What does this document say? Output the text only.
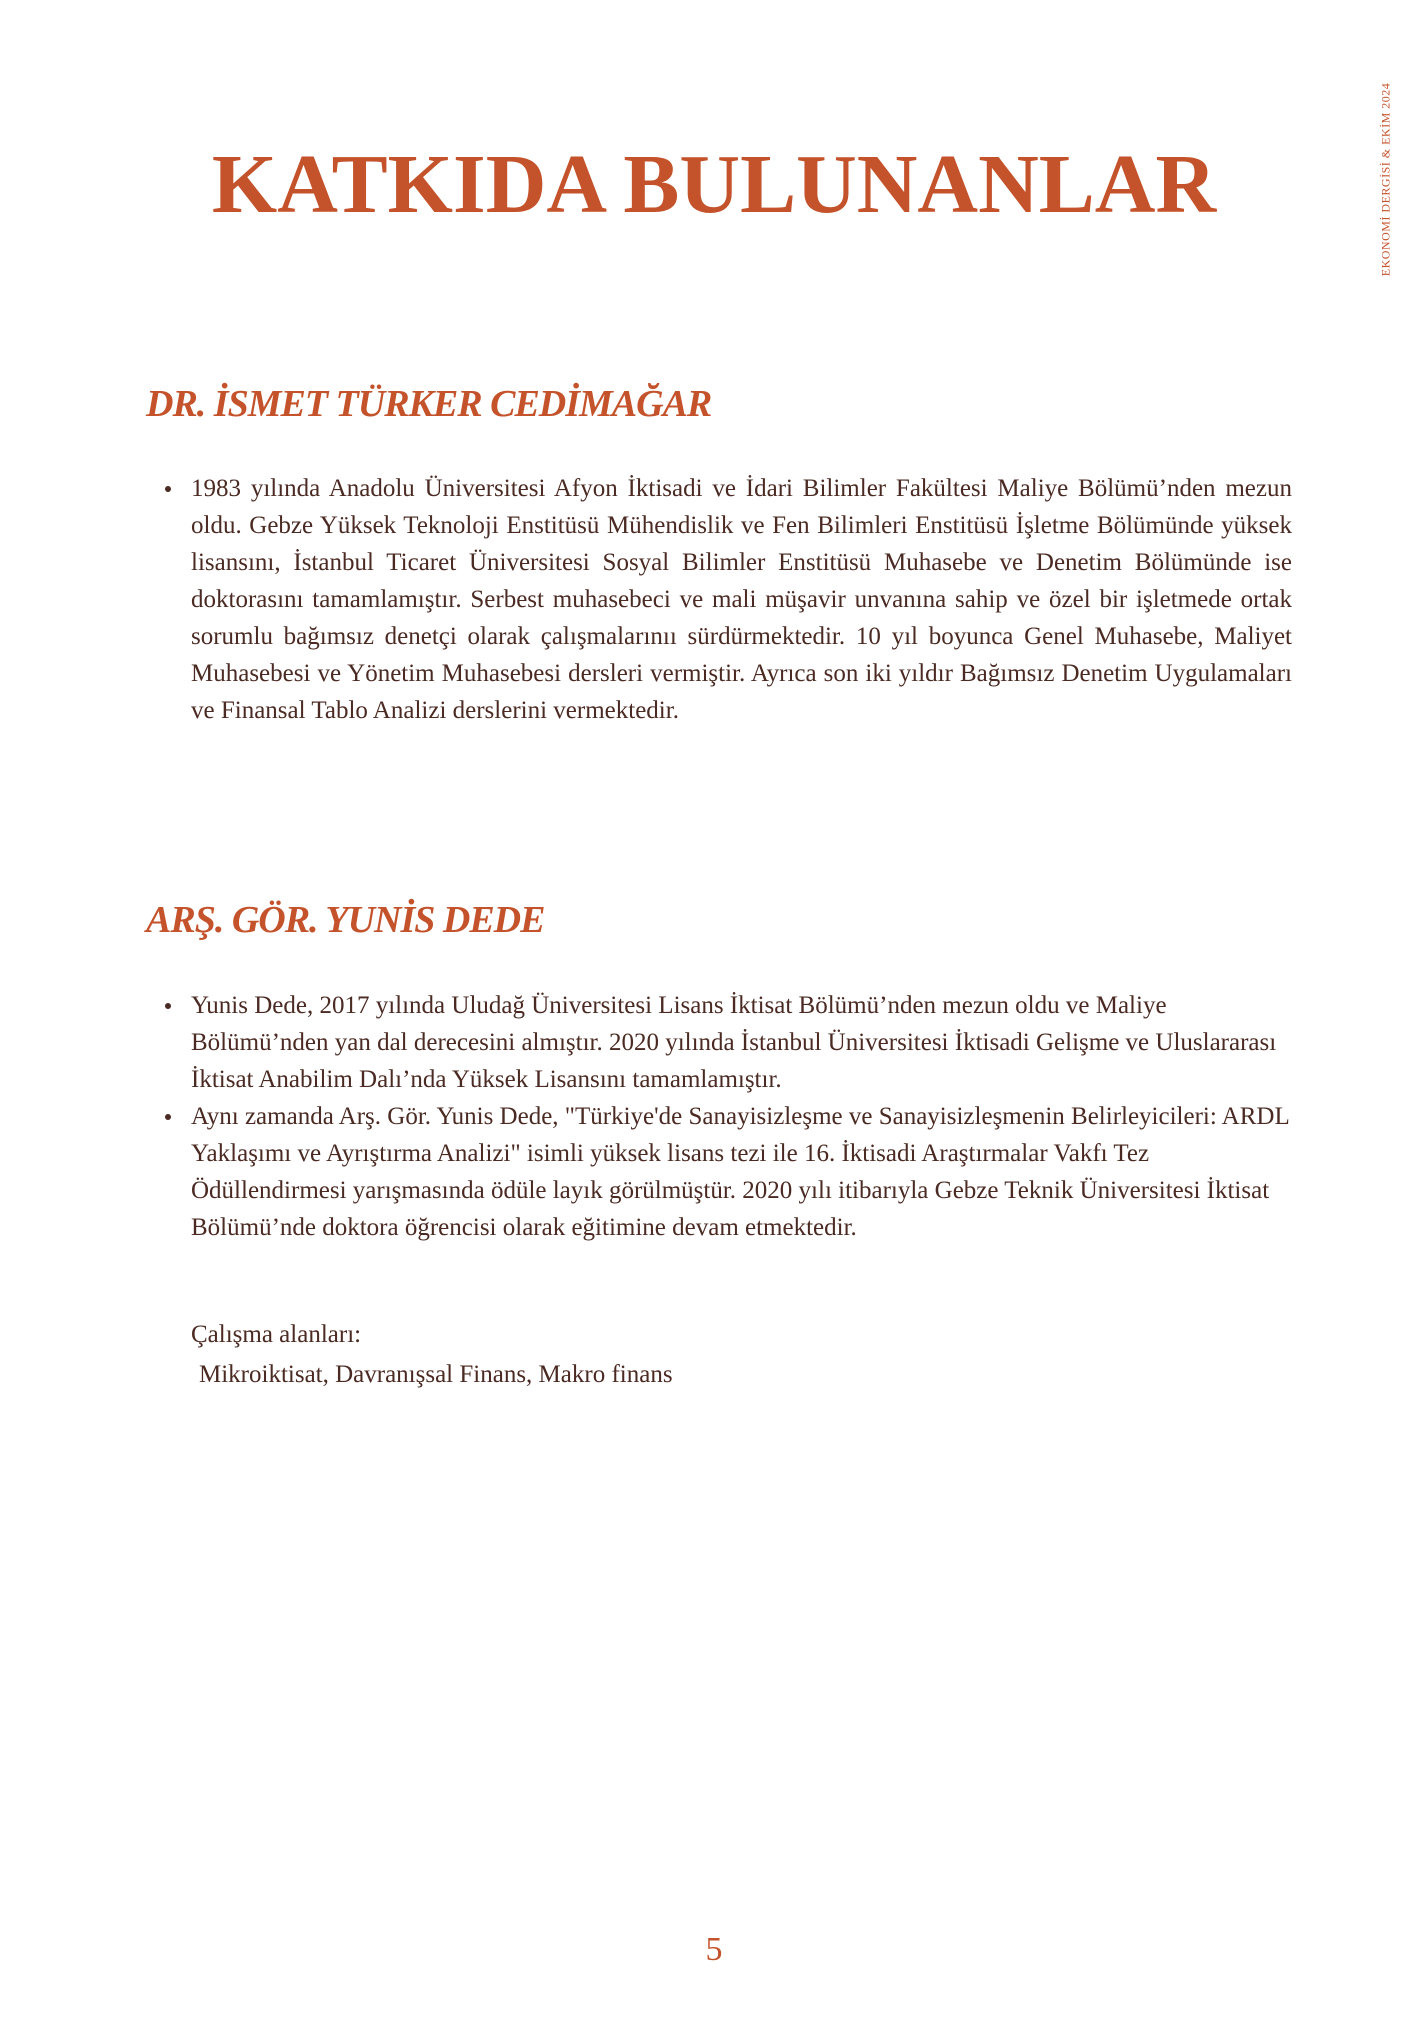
EKONOMİ DERGİSİ & EKİM 2024
KATKIDA BULUNANLAR
DR. İSMET TÜRKER CEDİMAĞAR
1983 yılında Anadolu Üniversitesi Afyon İktisadi ve İdari Bilimler Fakültesi Maliye Bölümü’nden mezun oldu. Gebze Yüksek Teknoloji Enstitüsü Mühendislik ve Fen Bilimleri Enstitüsü İşletme Bölümünde yüksek lisansını, İstanbul Ticaret Üniversitesi Sosyal Bilimler Enstitüsü Muhasebe ve Denetim Bölümünde ise doktorasını tamamlamıştır. Serbest muhasebeci ve mali müşavir unvanına sahip ve özel bir işletmede ortak sorumlu bağımsız denetçi olarak çalışmalarınıı sürdürmektedir. 10 yıl boyunca Genel Muhasebe, Maliyet Muhasebesi ve Yönetim Muhasebesi dersleri vermiştir. Ayrıca son iki yıldır Bağımsız Denetim Uygulamaları ve Finansal Tablo Analizi derslerini vermektedir.
ARŞ. GÖR. YUNİS DEDE
Yunis Dede, 2017 yılında Uludağ Üniversitesi Lisans İktisat Bölümü’nden mezun oldu ve Maliye Bölümü’nden yan dal derecesini almıştır. 2020 yılında İstanbul Üniversitesi İktisadi Gelişme ve Uluslararası İktisat Anabilim Dalı’nda Yüksek Lisansını tamamlamıştır.
Aynı zamanda Arş. Gör. Yunis Dede, "Türkiye'de Sanayisizleşme ve Sanayisizleşmenin Belirleyicileri: ARDL Yaklaşımı ve Ayrıştırma Analizi" isimli yüksek lisans tezi ile 16. İktisadi Araştırmalar Vakfı Tez Ödüllendirmesi yarışmasında ödüle layık görülmüştür. 2020 yılı itibarıyla Gebze Teknik Üniversitesi İktisat Bölümü’nde doktora öğrencisi olarak eğitimine devam etmektedir.
Çalışma alanları:
Mikroiktisat, Davranışsal Finans, Makro finans
5
